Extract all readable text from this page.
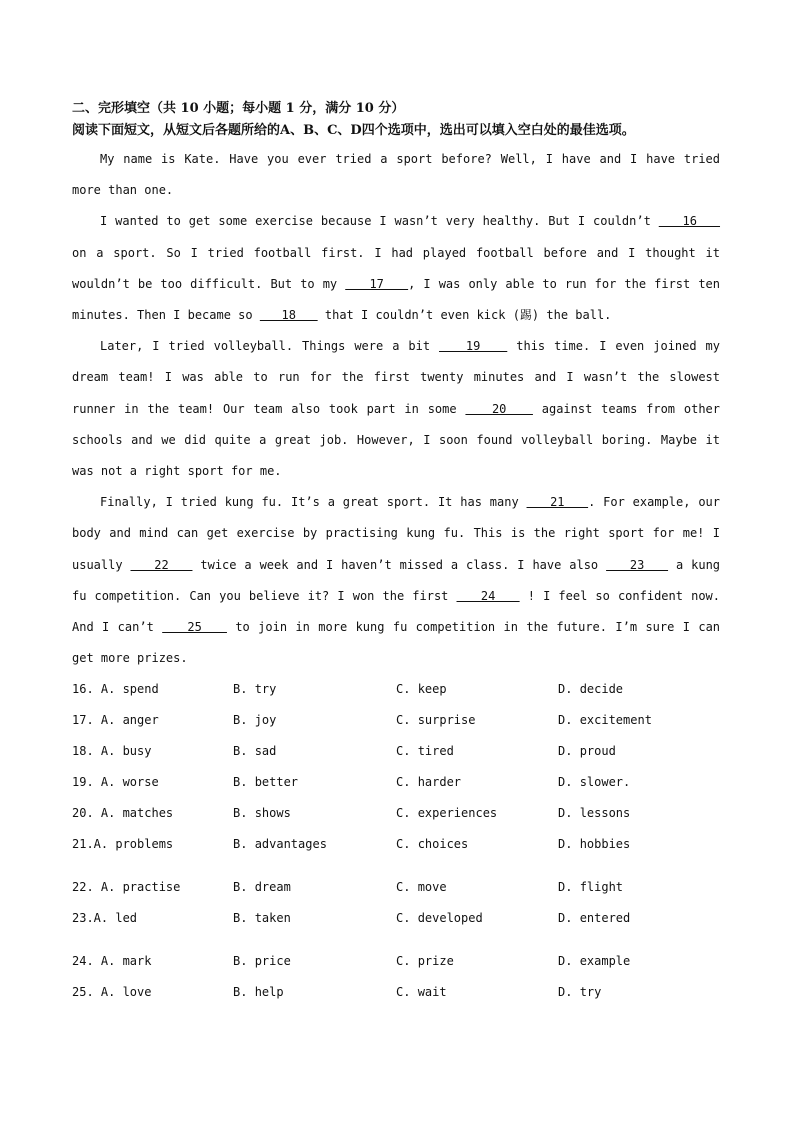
二、完形填空（共 10 小题；每小题 1 分，满分 10 分）

阅读下面短文，从短文后各题所给的A、B、C、D四个选项中，选出可以填入空白处的最佳选项。

My name is Kate. Have you ever tried a sport before? Well, I have and I have tried more than one.

I wanted to get some exercise because I wasn’t very healthy. But I couldn’t    16    on a sport. So I tried football first. I had played football before and I thought it wouldn’t be too difficult. But to my    17   , I was only able to run for the first ten minutes. Then I became so    18    that I couldn’t even kick (踢) the ball.

Later, I tried volleyball. Things were a bit    19    this time. I even joined my dream team! I was able to run for the first twenty minutes and I wasn’t the slowest runner in the team! Our team also took part in some    20    against teams from other schools and we did quite a great job. However, I soon found volleyball boring. Maybe it was not a right sport for me.

Finally, I tried kung fu. It’s a great sport. It has many    21   . For example, our body and mind can get exercise by practising kung fu. This is the right sport for me! I usually    22    twice a week and I haven’t missed a class. I have also    23    a kung fu competition. Can you believe it? I won the first    24    ! I feel so confident now. And I can’t    25    to join in more kung fu competition in the future. I’m sure I can get more prizes.

16. A. spend	B. try	C. keep	D. decide
17. A. anger	B. joy	C. surprise	D. excitement
18. A. busy	B. sad	C. tired	D. proud
19. A. worse	B. better	C. harder	D. slower.
20. A. matches	B. shows	C. experiences	D. lessons
21.A. problems	B. advantages	C. choices	D. hobbies
22. A. practise	B. dream	C. move	D. flight
23.A. led	B. taken	C. developed	D. entered
24. A. mark	B. price	C. prize	D. example
25. A. love	B. help	C. wait	D. try
